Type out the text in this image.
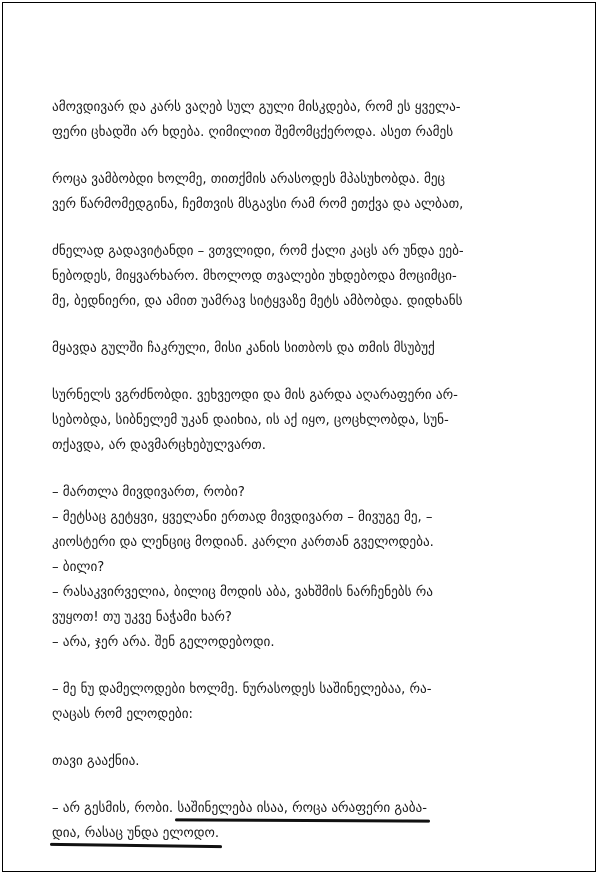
ამოვდივარ და კარს ვაღებ სულ გული მისკდება, რომ ეს ყველა-
ფერი ცხადში არ ხდება. ღიმილით შემომცქეროდა. ასეთ რამეს

როცა ვამბობდი ხოლმე, თითქმის არასოდეს მპასუხობდა. მეც
ვერ წარმომედგინა, ჩემთვის მსგავსი რამ რომ ეთქვა და ალბათ,

ძნელად გადავიტანდი – ვთვლიდი, რომ ქალი კაცს არ უნდა ეებ-
ნებოდეს, მიყვარხარო. მხოლოდ თვალები უხდებოდა მოციმცი-
მე, ბედნიერი, და ამით უამრავ სიტყვაზე მეტს ამბობდა. დიდხანს

მყავდა გულში ჩაკრული, მისი კანის სითბოს და თმის მსუბუქ

სურნელს ვგრძნობდი. ვეხვეოდი და მის გარდა აღარაფერი არ-
სებობდა, სიბნელემ უკან დაიხია, ის აქ იყო, ცოცხლობდა, სუნ-
თქავდა, არ დავმარცხებულვართ.

– მართლა მივდივართ, რობი?
– მეტსაც გეტყვი, ყველანი ერთად მივდივართ – მივუგე მე, –
კიოსტერი და ლენციც მოდიან. კარლი კართან გველოდება.
– ბილი?
– რასაკვირველია, ბილიც მოდის აბა, ვახშმის ნარჩენებს რა
ვუყოთ! თუ უკვე ნაჭამი ხარ?
– არა, ჯერ არა. შენ გელოდებოდი.

– მე ნუ დამელოდები ხოლმე. ნურასოდეს საშინელებაა, რა-
ღაცას რომ ელოდები:

თავი გააქნია.

– არ გესმის, რობი. საშინელება ისაა, როცა არაფერი გაბა-
დია, რასაც უნდა ელოდო.
